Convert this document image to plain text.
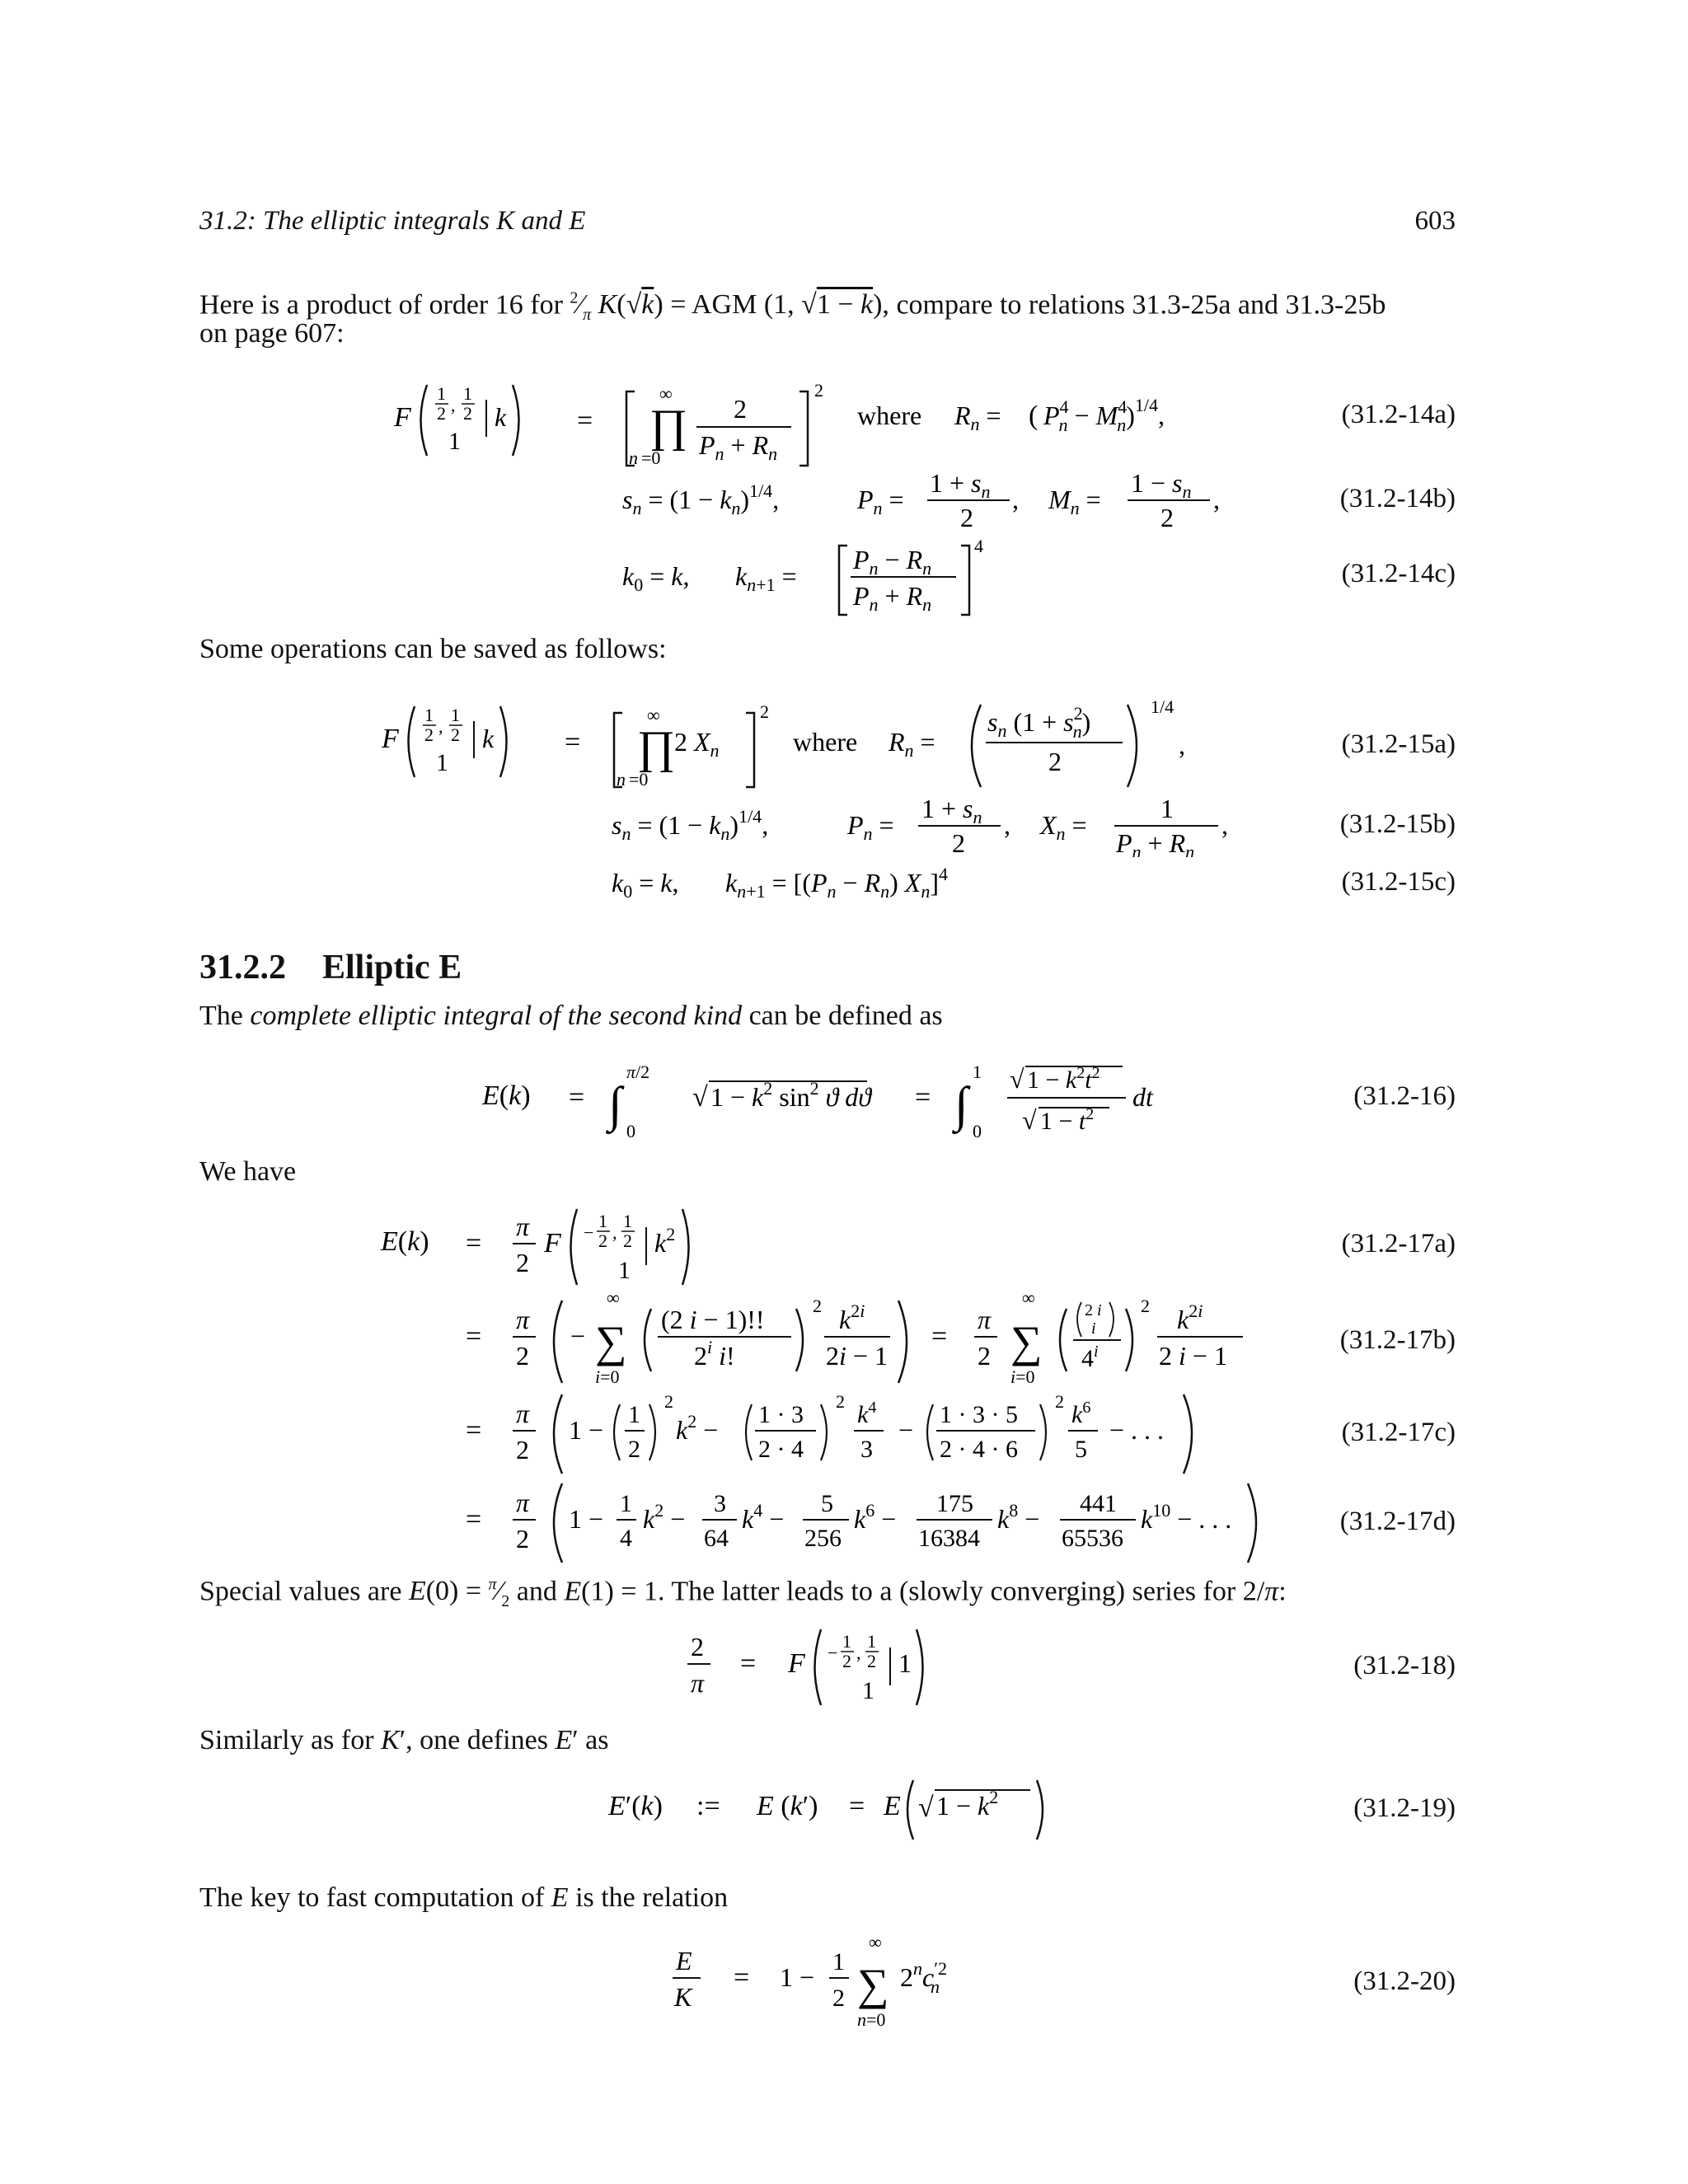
31.2: The elliptic integrals K and E	603
Here is a product of order 16 for $^2⁄_\pi$ K(√k) = AGM (1, √1 − k), compare to relations 31.3-25a and 31.3-25b
on page 607:
F
1
2 ,
1
2
1
k	=
∞
∏
n =0
2
$P_n + R_n$
2
where $R_n$ = ( $P^4$ $n - M^4$ n)$^{1/4}$,	(31.2-14a)
$s_n = (1 - k_n)^{1/4}$,	$P_n$ =
$1 + s_n$
2
, $M_n$ =
$1 - s_n$
2
,	(31.2-14b)
$k_0 = k$, $k_n+1$ =
$P_n - R_n$
$P_n + R_n$
4
(31.2-14c)
Some operations can be saved as follows:
F
1
2 ,
1
2
1
k	=
∞
∏
n =0
2 $X_n$
2
where $R_n$ =
$s_n$ ($1 + s^2$ n)
2
1/4
,	(31.2-15a)
$s_n = (1 - k_n)^{1/4}$,	$P_n$ =
$1 + s_n$
2
, $X_n$ =
1
$P_n + R_n$
,	(31.2-15b)
$k_0 = k$, $k_n+1 = [(P_n - R_n)$ $X_n]^4$	(31.2-15c)
31.2.2 Elliptic E
The complete elliptic integral of the second kind can be defined as
E(k) = ∫
π/2
0
√ $1 - k^2$ $\sin^2 ϑ$ dϑ = ∫
1
0
√ $1 - k^2t^2$
√ $1 - t^2$
dt	(31.2-16)
We have
E(k) =
π
2
F −
1
2 ,
1
2
1
$k^2$	(31.2-17a)
=
π
2
−
∞
∑
i=0
(2 i − 1)!!
2$^i$ i!
2 $k^{2i}$
2i − 1
=
π
2
∞
∑
i=0
2 i
i
4$^i$
2 $k^{2i}$
2 i − 1
(31.2-17b)
=
π
2
1 −
1
2
2
$k^2$ −
1 · 3
2 · 4
2 $k^4$
3
−
1 · 3 · 5
2 · 4 · 6
2 $k^6$
5
− . . .	(31.2-17c)
=
π
2
1 −
1
4
$k^2$ −
3
64
$k^4$ −
5
256
$k^6$ −
175
16384
$k^8$ −
441
65536
$k^{10}$ − . . .	(31.2-17d)
Special values are $E(0) = ^\pi⁄_2$ and E(1) = 1. The latter leads to a (slowly converging) series for 2/π:
2
π
= F −
1
2 ,
1
2
1
1	(31.2-18)
Similarly as for K′, one defines E′ as
E′(k) := E (k′) = E √ $1 - k^2$	(31.2-19)
The key to fast computation of E is the relation
E
K
= 1 −
1
2
∞
∑
n=0
$2^nc^{'2}$ n	(31.2-20)
